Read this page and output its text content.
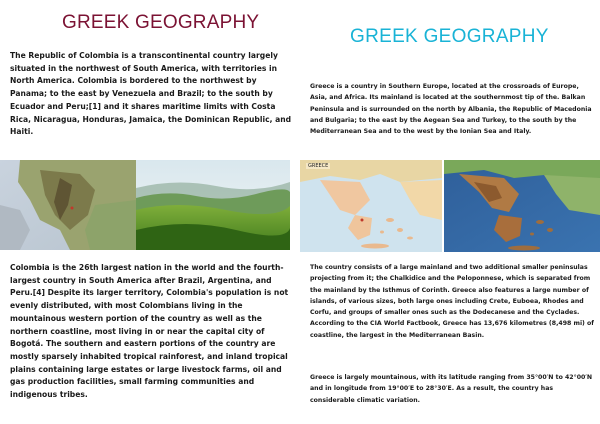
GREEK GEOGRAPHY
The Republic of Colombia is a transcontinental country largely situated in the northwest of South America, with territories in North America. Colombia is bordered to the northwest by Panama; to the east by Venezuela and Brazil; to the south by Ecuador and Peru;[1] and it shares maritime limits with Costa Rica, Nicaragua, Honduras, Jamaica, the Dominican Republic, and Haiti.
Colombia is the 26th largest nation in the world and the fourth-largest country in South America after Brazil, Argentina, and Peru.[4] Despite its larger territory, Colombia's population is not evenly distributed, with most Colombians living in the mountainous western portion of the country as well as the northern coastline, most living in or near the capital city of Bogotá. The southern and eastern portions of the country are mostly sparsely inhabited tropical rainforest, and inland tropical plains containing large estates or large livestock farms, oil and gas production facilities, small farming communities and indigenous tribes.
GREEK GEOGRAPHY
Greece is a country in Southern Europe, located at the crossroads of Europe, Asia, and Africa. Its mainland is located at the southernmost tip of the. Balkan Peninsula and is surrounded on the north by Albania, the Republic of Macedonia and Bulgaria; to the east by the Aegean Sea and Turkey, to the south by the Mediterranean Sea and to the west by the Ionian Sea and Italy.
GREECE
The country consists of a large mainland and two additional smaller peninsulas projecting from it; the Chalkidice and the Peloponnese, which is separated from the mainland by the Isthmus of Corinth. Greece also features a large number of islands, of various sizes, both large ones including Crete, Euboea, Rhodes and Corfu, and groups of smaller ones such as the Dodecanese and the Cyclades. According to the CIA World Factbook, Greece has 13,676 kilometres (8,498 mi) of coastline, the largest in the Mediterranean Basin.
Greece is largely mountainous, with its latitude ranging from 35°00′N to 42°00′N and in longitude from 19°00′E to 28°30′E. As a result, the country has considerable climatic variation.
